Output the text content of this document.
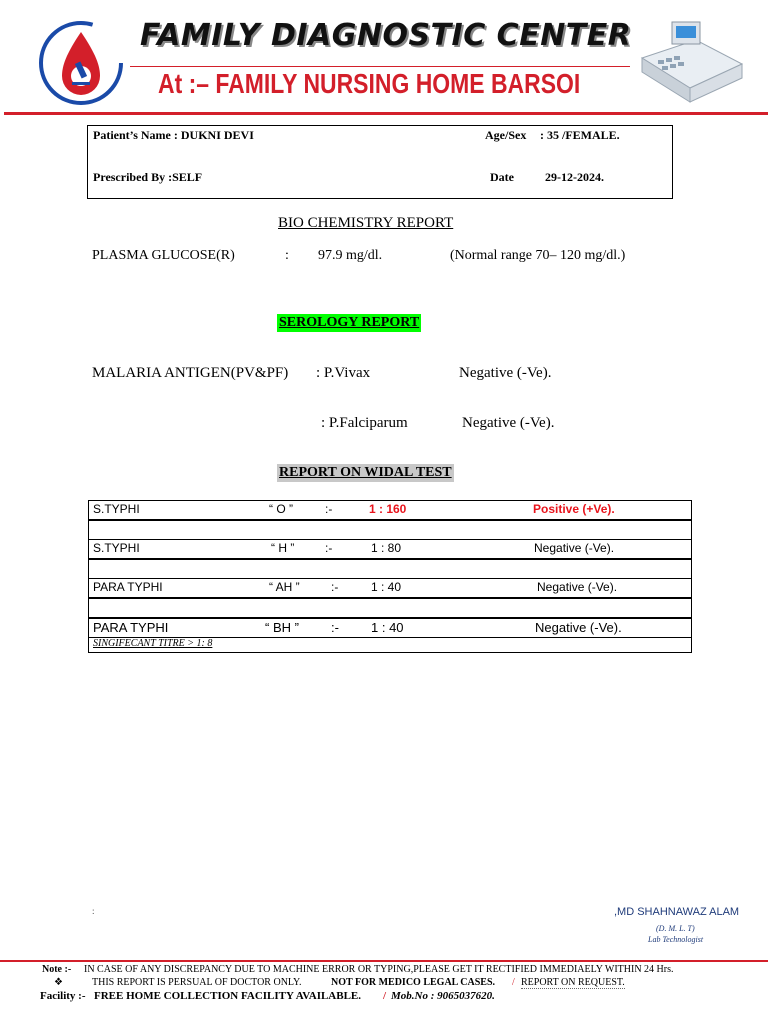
FAMILY DIAGNOSTIC CENTER
At :– FAMILY NURSING HOME BARSOI
Patient’s Name : DUKNI DEVI	Age/Sex : 35 /FEMALE.
Prescribed By :SELF	Date	29-12-2024.
BIO CHEMISTRY REPORT
PLASMA GLUCOSE(R)	: 97.9 mg/dl.	(Normal range 70– 120 mg/dl.)
SEROLOGY REPORT
MALARIA ANTIGEN(PV&PF) : P.Vivax	Negative (-Ve).
: P.Falciparum	Negative (-Ve).
REPORT ON WIDAL TEST
S.TYPHI	“ O ”	:-	1 : 160	Positive (+Ve).
S.TYPHI	“ H ”	:-	1 : 80	Negative (-Ve).
PARA TYPHI	“ AH ”	:-	1 : 40	Negative (-Ve).
PARA TYPHI	“ BH ” :- 1 : 40	Negative (-Ve).
SINGIFECANT TITRE > 1: 8
:	,MD SHAHNAWAZ ALAM
(D. M. L. T)
Lab Technologist
Note :- IN CASE OF ANY DISCREPANCY DUE TO MACHINE ERROR OR TYPING,PLEASE GET IT RECTIFIED IMMEDIAELY WITHIN 24 Hrs.
❖	THIS REPORT IS PERSUAL OF DOCTOR ONLY.	NOT FOR MEDICO LEGAL CASES. / REPORT ON REQUEST.
Facility :- FREE HOME COLLECTION FACILITY AVAILABLE. / Mob.No : 9065037620.
